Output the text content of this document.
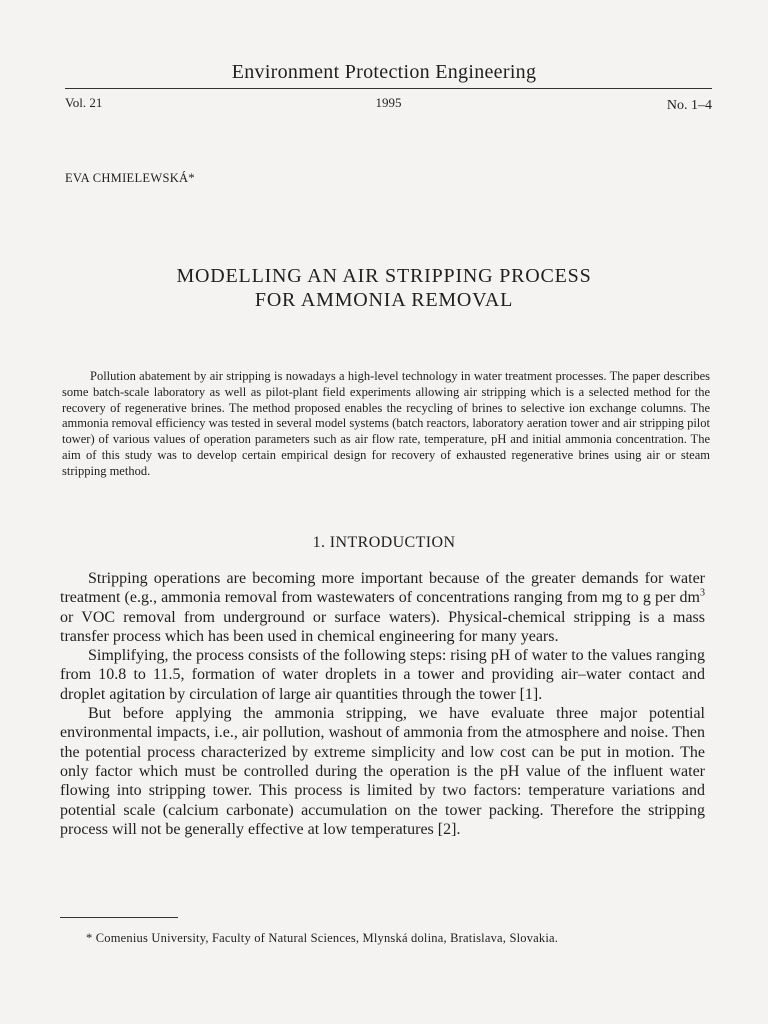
Environment Protection Engineering
Vol. 21	1995	No. 1–4
EVA CHMIELEWSKÁ*
MODELLING AN AIR STRIPPING PROCESS
FOR AMMONIA REMOVAL

Pollution abatement by air stripping is nowadays a high-level technology in water treatment processes. The paper describes some batch-scale laboratory as well as pilot-plant field experiments allowing air stripping which is a selected method for the recovery of regenerative brines. The method proposed enables the recycling of brines to selective ion exchange columns. The ammonia removal efficiency was tested in several model systems (batch reactors, laboratory aeration tower and air stripping pilot tower) of various values of operation parameters such as air flow rate, temperature, pH and initial ammonia concentration. The aim of this study was to develop certain empirical design for recovery of exhausted regenerative brines using air or steam stripping method.

1. INTRODUCTION

Stripping operations are becoming more important because of the greater demands for water treatment (e.g., ammonia removal from wastewaters of concentrations ranging from mg to g per $dm^3$ or VOC removal from underground or surface waters). Physical-chemical stripping is a mass transfer process which has been used in chemical engineering for many years.

Simplifying, the process consists of the following steps: rising pH of water to the values ranging from 10.8 to 11.5, formation of water droplets in a tower and providing air–water contact and droplet agitation by circulation of large air quantities through the tower [1].

But before applying the ammonia stripping, we have evaluate three major potential environmental impacts, i.e., air pollution, washout of ammonia from the atmosphere and noise. Then the potential process characterized by extreme simplicity and low cost can be put in motion. The only factor which must be controlled during the operation is the pH value of the influent water flowing into stripping tower. This process is limited by two factors: temperature variations and potential scale (calcium carbonate) accumulation on the tower packing. Therefore the stripping process will not be generally effective at low temperatures [2].

* Comenius University, Faculty of Natural Sciences, Mlynská dolina, Bratislava, Slovakia.
